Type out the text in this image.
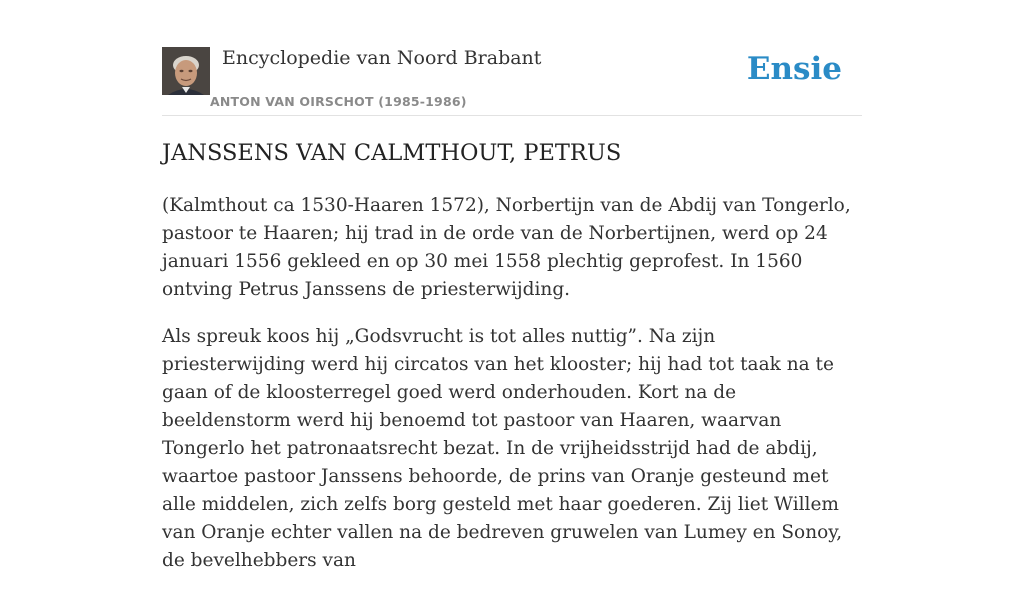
Encyclopedie van Noord Brabant
ANTON VAN OIRSCHOT (1985-1986)
Ensie
JANSSENS VAN CALMTHOUT, PETRUS

(Kalmthout ca 1530-Haaren 1572), Norbertijn van de Abdij van Tongerlo, pastoor te Haaren; hij trad in de orde van de Norbertijnen, werd op 24 januari 1556 gekleed en op 30 mei 1558 plechtig geprofest. In 1560 ontving Petrus Janssens de priesterwijding.

Als spreuk koos hij „Godsvrucht is tot alles nuttig”. Na zijn priesterwijding werd hij circatos van het klooster; hij had tot taak na te gaan of de kloosterregel goed werd onderhouden. Kort na de beeldenstorm werd hij benoemd tot pastoor van Haaren, waarvan Tongerlo het patronaatsrecht bezat. In de vrijheidsstrijd had de abdij, waartoe pastoor Janssens behoorde, de prins van Oranje gesteund met alle middelen, zich zelfs borg gesteld met haar goederen. Zij liet Willem van Oranje echter vallen na de bedreven gruwelen van Lumey en Sonoy, de bevelhebbers van
